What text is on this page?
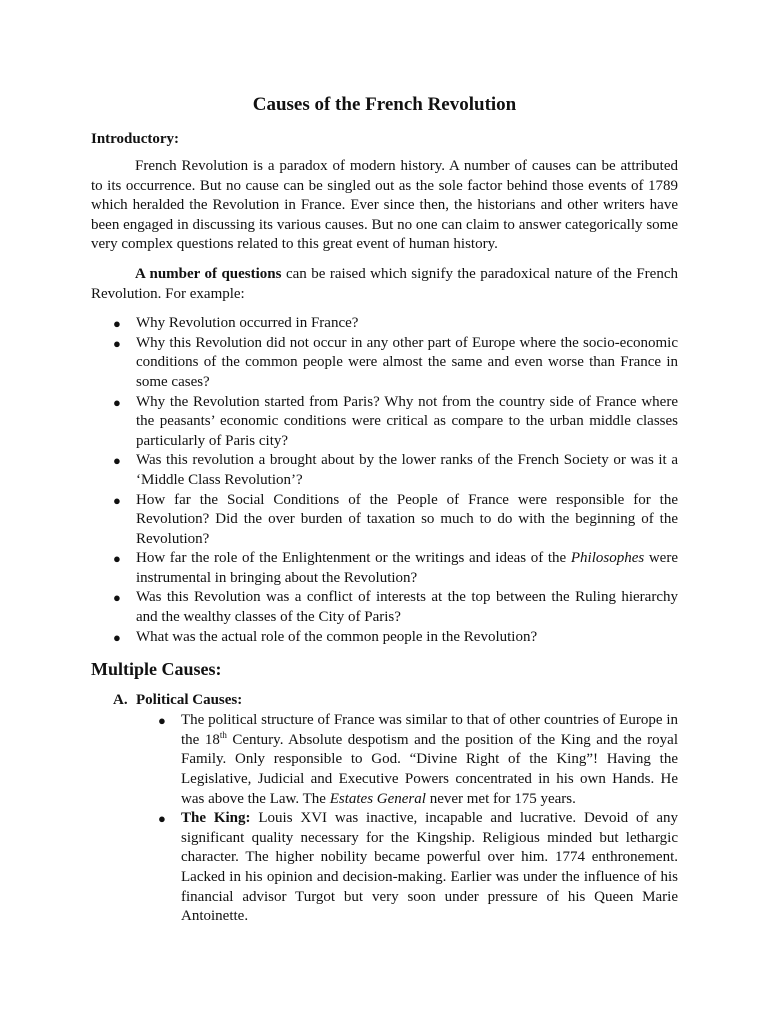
Causes of the French Revolution
Introductory:

French Revolution is a paradox of modern history. A number of causes can be attributed to its occurrence. But no cause can be singled out as the sole factor behind those events of 1789 which heralded the Revolution in France. Ever since then, the historians and other writers have been engaged in discussing its various causes. But no one can claim to answer categorically some very complex questions related to this great event of human history.

A number of questions can be raised which signify the paradoxical nature of the French Revolution. For example:

● Why Revolution occurred in France?
● Why this Revolution did not occur in any other part of Europe where the socio-economic conditions of the common people were almost the same and even worse than France in some cases?
● Why the Revolution started from Paris? Why not from the country side of France where the peasants’ economic conditions were critical as compare to the urban middle classes particularly of Paris city?
● Was this revolution a brought about by the lower ranks of the French Society or was it a ‘Middle Class Revolution’?
● How far the Social Conditions of the People of France were responsible for the Revolution? Did the over burden of taxation so much to do with the beginning of the Revolution?
● How far the role of the Enlightenment or the writings and ideas of the Philosophes were instrumental in bringing about the Revolution?
● Was this Revolution was a conflict of interests at the top between the Ruling hierarchy and the wealthy classes of the City of Paris?
● What was the actual role of the common people in the Revolution?
Multiple Causes:
A. Political Causes:
● The political structure of France was similar to that of other countries of Europe in the 18th Century. Absolute despotism and the position of the King and the royal Family. Only responsible to God. “Divine Right of the King”! Having the Legislative, Judicial and Executive Powers concentrated in his own Hands. He was above the Law. The Estates General never met for 175 years.
● The King: Louis XVI was inactive, incapable and lucrative. Devoid of any significant quality necessary for the Kingship. Religious minded but lethargic character. The higher nobility became powerful over him. 1774 enthronement. Lacked in his opinion and decision-making. Earlier was under the influence of his financial advisor Turgot but very soon under pressure of his Queen Marie Antoinette.
